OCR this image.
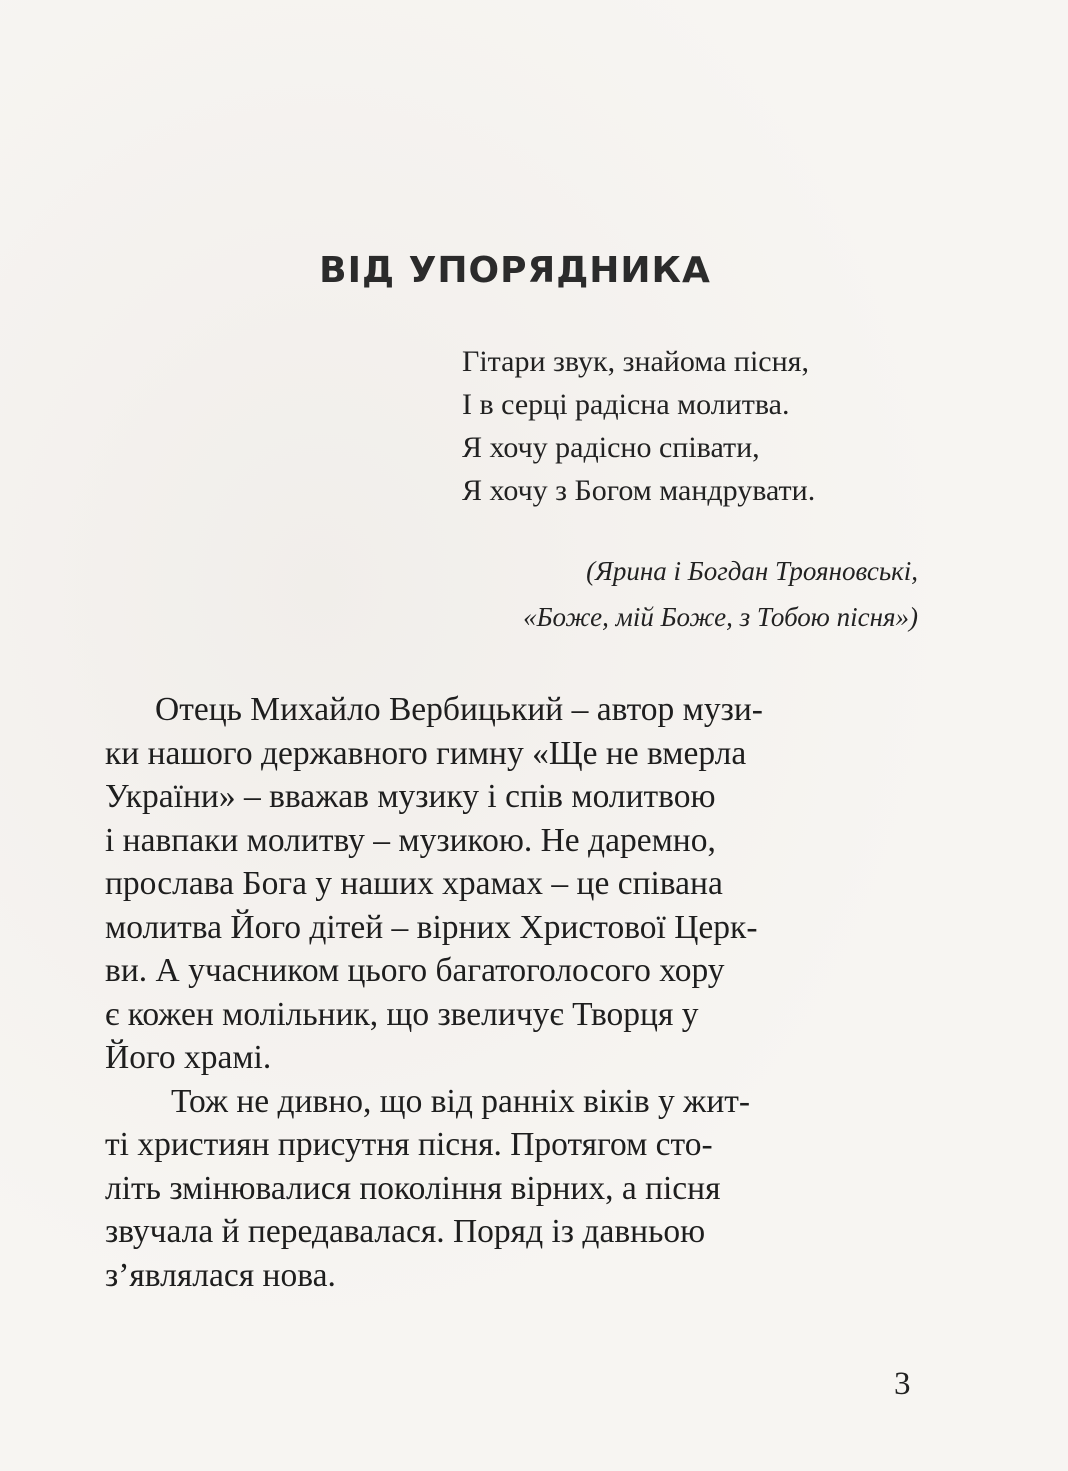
ВІД УПОРЯДНИКА
Гітари звук, знайома пісня,
І в серці радісна молитва.
Я хочу радісно співати,
Я хочу з Богом мандрувати.
(Ярина і Богдан Трояновські,
«Боже, мій Боже, з Тобою пісня»)
Отець Михайло Вербицький – автор музи-
ки нашого державного гимну «Ще не вмерла
України» – вважав музику і спів молитвою
і навпаки молитву – музикою. Не даремно,
прослава Бога у наших храмах – це співана
молитва Його дітей – вірних Христової Церк-
ви. А учасником цього багатоголосого хору
є кожен молільник, що звеличує Творця у
Його храмі.
Тож не дивно, що від ранніх віків у жит-
ті християн присутня пісня. Протягом сто-
літь змінювалися покоління вірних, а пісня
звучала й передавалася. Поряд із давньою
з’являлася нова.
3
